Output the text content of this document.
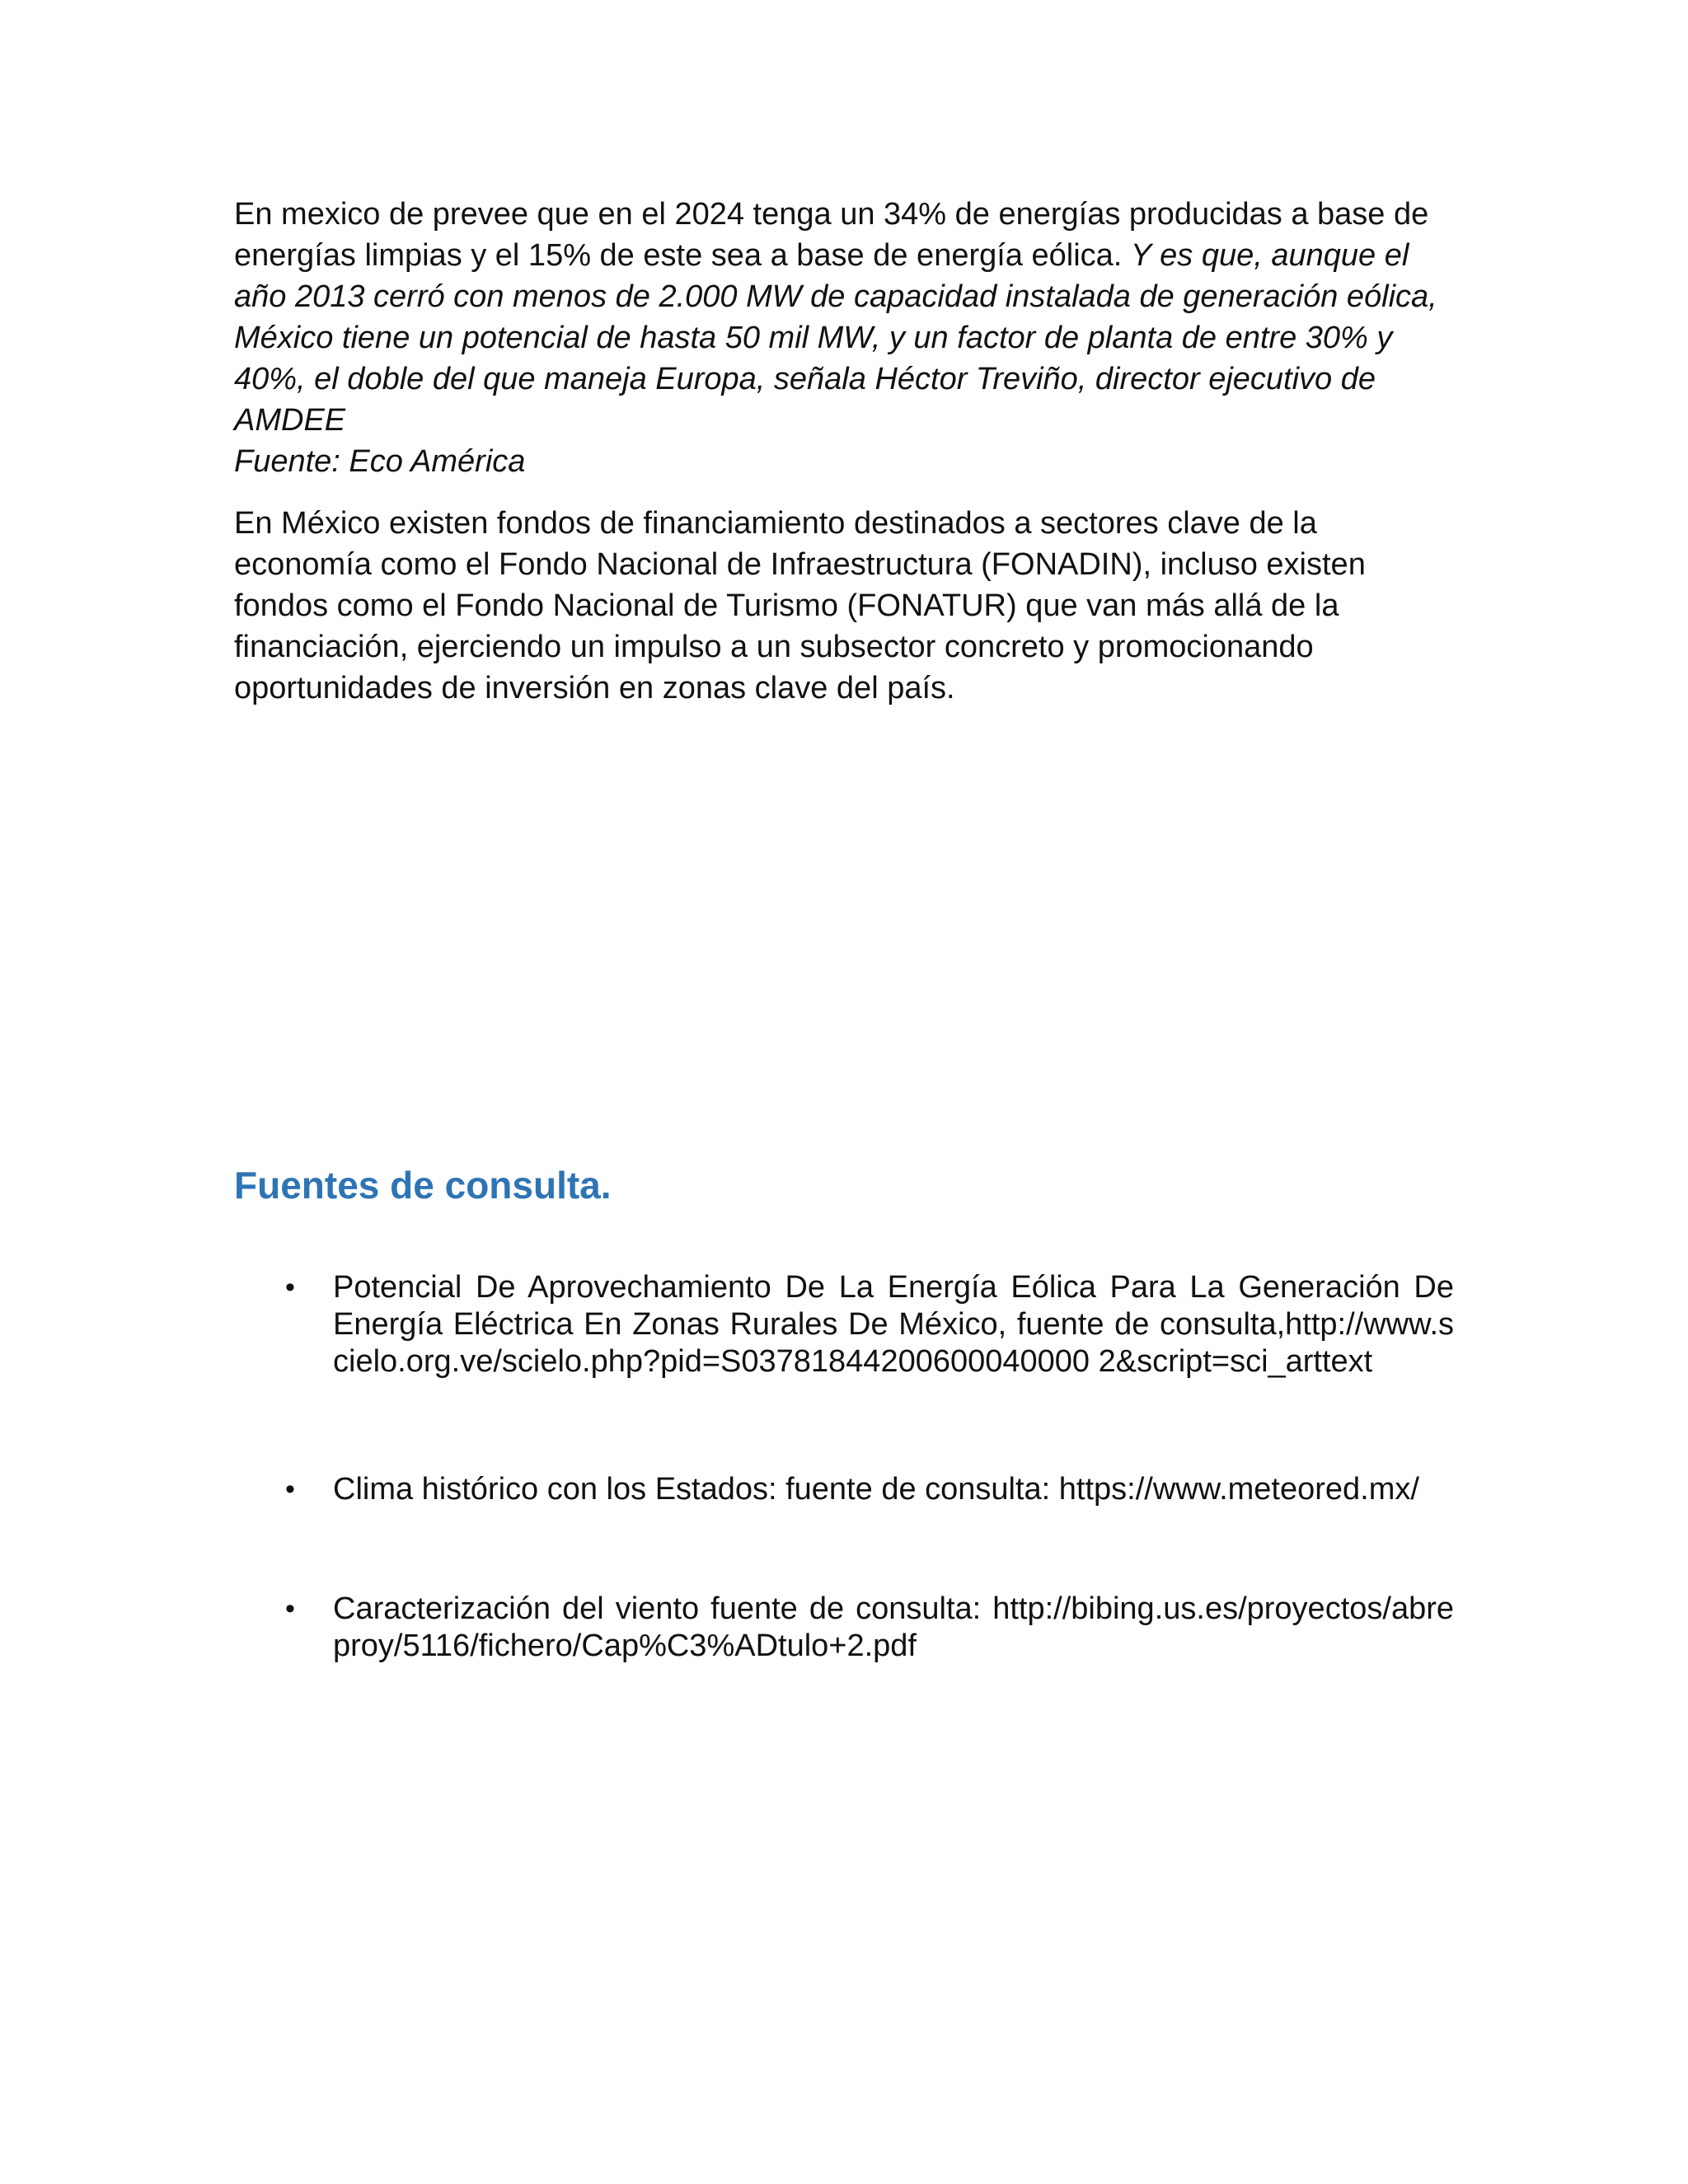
En mexico de prevee que en el 2024 tenga un 34% de energías producidas a base de energías limpias y el 15% de este sea a base de energía eólica. Y es que, aunque el año 2013 cerró con menos de 2.000 MW de capacidad instalada de generación eólica, México tiene un potencial de hasta 50 mil MW, y un factor de planta de entre 30% y 40%, el doble del que maneja Europa, señala Héctor Treviño, director ejecutivo de AMDEE
Fuente: Eco América
En México existen fondos de financiamiento destinados a sectores clave de la economía como el Fondo Nacional de Infraestructura (FONADIN), incluso existen fondos como el Fondo Nacional de Turismo (FONATUR) que van más allá de la financiación, ejerciendo un impulso a un subsector concreto y promocionando oportunidades de inversión en zonas clave del país.
Fuentes de consulta.
• Potencial De Aprovechamiento De La Energía Eólica Para La Generación De Energía Eléctrica En Zonas Rurales De México, fuente de consulta,http://www.scielo.org.ve/scielo.php?pid=S03781844200600040000 2&script=sci_arttext
• Clima histórico con los Estados: fuente de consulta: https://www.meteored.mx/
• Caracterización del viento fuente de consulta: http://bibing.us.es/proyectos/abreproy/5116/fichero/Cap%C3%ADtulo+2.pdf
